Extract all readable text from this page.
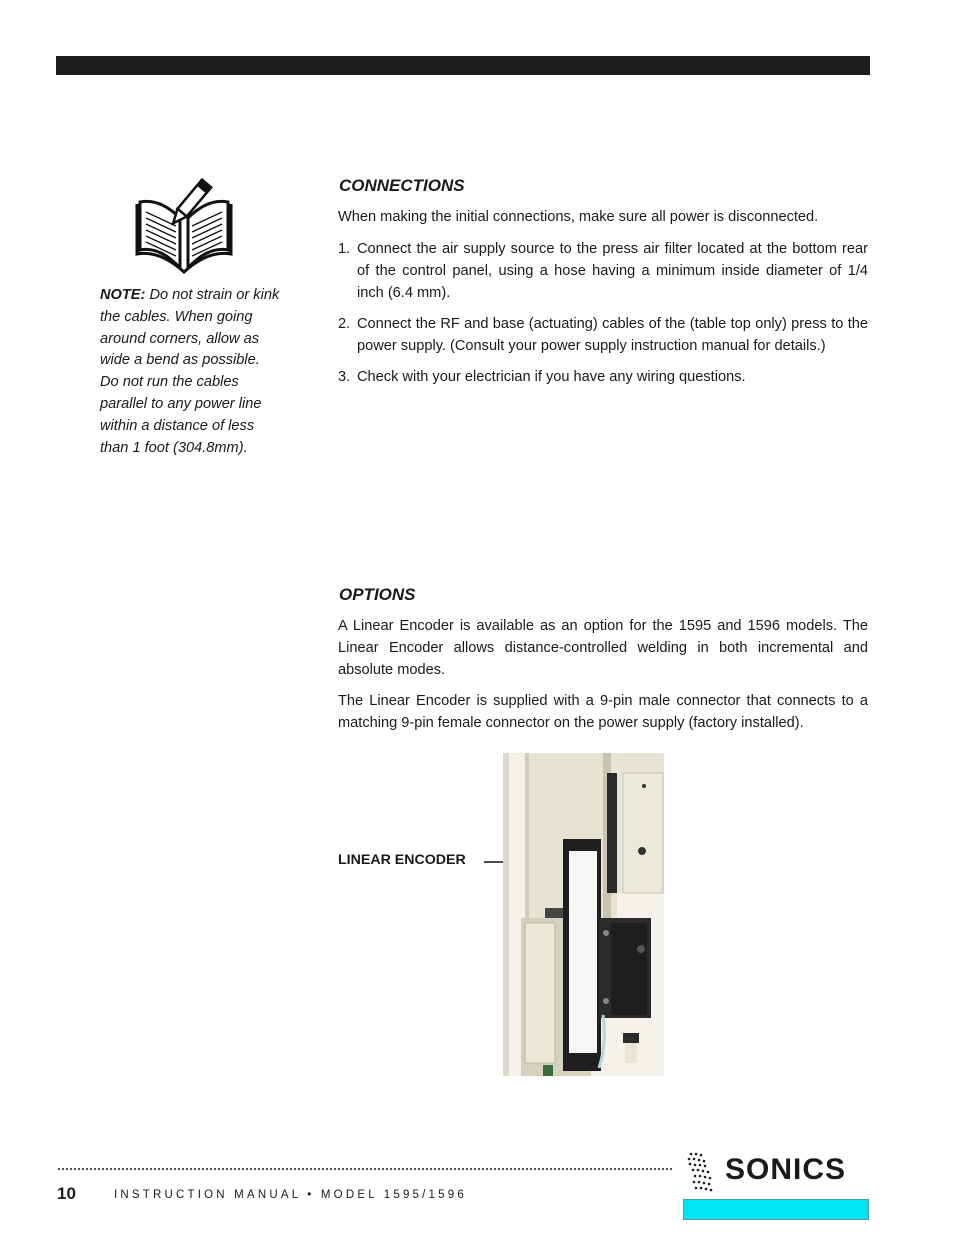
NOTE: Do not strain or kink the cables. When going around corners, allow as wide a bend as possible. Do not run the cables parallel to any power line within a distance of less than 1 foot (304.8mm).
CONNECTIONS

When making the initial connections, make sure all power is disconnected.

1. Connect the air supply source to the press air filter located at the bottom rear of the control panel, using a hose having a minimum inside diameter of 1/4 inch (6.4 mm).
2. Connect the RF and base (actuating) cables of the (table top only) press to the power supply. (Consult your power supply instruction manual for details.)
3. Check with your electrician if you have any wiring questions.
OPTIONS

A Linear Encoder is available as an option for the 1595 and 1596 models. The Linear Encoder allows distance-controlled welding in both incremental and absolute modes.

The Linear Encoder is supplied with a 9-pin male connector that connects to a matching 9-pin female connector on the power supply (factory installed).

LINEAR ENCODER
10	INSTRUCTION MANUAL • MODEL 1595/1596
SONICS
